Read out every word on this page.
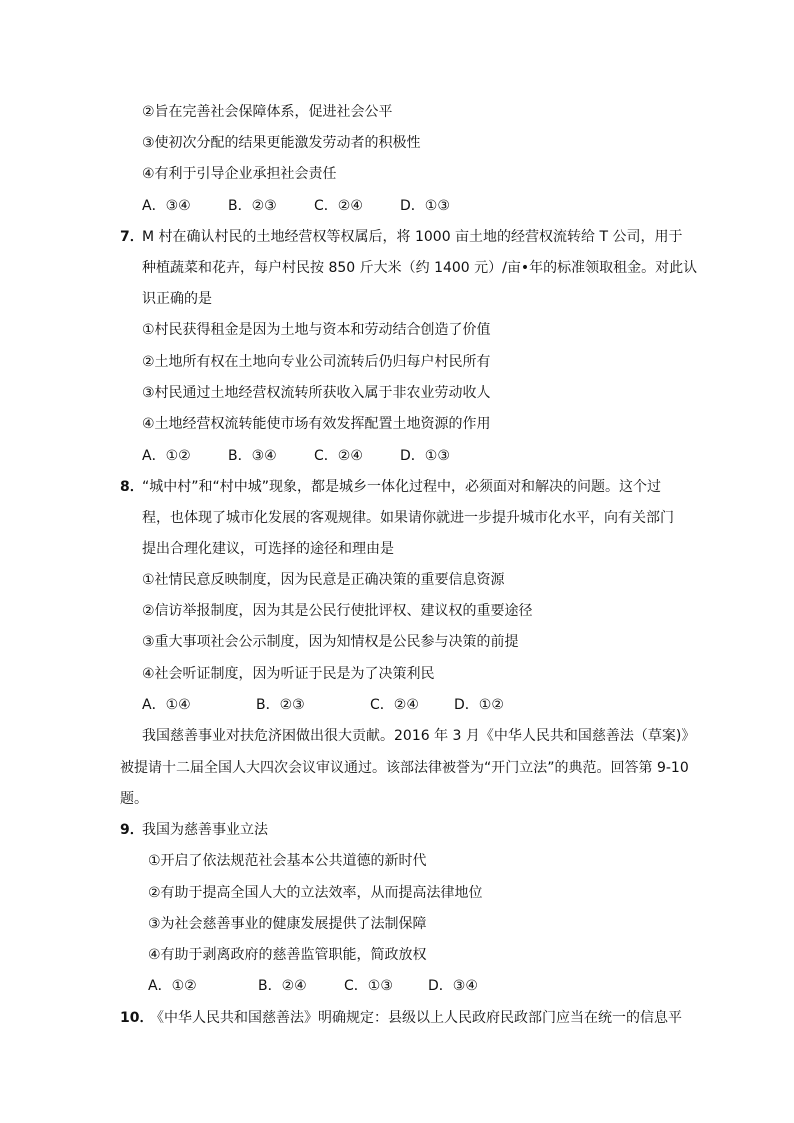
②旨在完善社会保障体系，促进社会公平
③使初次分配的结果更能激发劳动者的积极性
④有利于引导企业承担社会责任
A．③④	B．②③	C．②④	D．①③
7．
M 村在确认村民的土地经营权等权属后，将 1000 亩土地的经营权流转给 T 公司，用于
种植蔬菜和花卉，每户村民按 850 斤大米（约 1400 元）/亩•年的标准领取租金。对此认
识正确的是
①村民获得租金是因为土地与资本和劳动结合创造了价值
②土地所有权在土地向专业公司流转后仍归每户村民所有
③村民通过土地经营权流转所获收入属于非农业劳动收人
④土地经营权流转能使市场有效发挥配置土地资源的作用
A．①②	B．③④	C．②④	D．①③
8．
“城中村”和“村中城”现象，都是城乡一体化过程中，必须面对和解决的问题。这个过
程，也体现了城市化发展的客观规律。如果请你就进一步提升城市化水平，向有关部门
提出合理化建议，可选择的途径和理由是
①社情民意反映制度，因为民意是正确决策的重要信息资源
②信访举报制度，因为其是公民行使批评权、建议权的重要途径
③重大事项社会公示制度，因为知情权是公民参与决策的前提
④社会听证制度，因为听证于民是为了决策利民
A．①④	B．②③	C．②④	D．①②
我国慈善事业对扶危济困做出很大贡献。2016 年 3 月《中华人民共和国慈善法（草案)》
被提请十二届全国人大四次会议审议通过。该部法律被誉为“开门立法”的典范。回答第 9-10
题。
9．
我国为慈善事业立法
①开启了依法规范社会基本公共道德的新时代
②有助于提高全国人大的立法效率，从而提高法律地位
③为社会慈善事业的健康发展提供了法制保障
④有助于剥离政府的慈善监管职能，简政放权
A．①②	B．②④	C．①③	D．③④
10．
《中华人民共和国慈善法》明确规定：县级以上人民政府民政部门应当在统一的信息平
